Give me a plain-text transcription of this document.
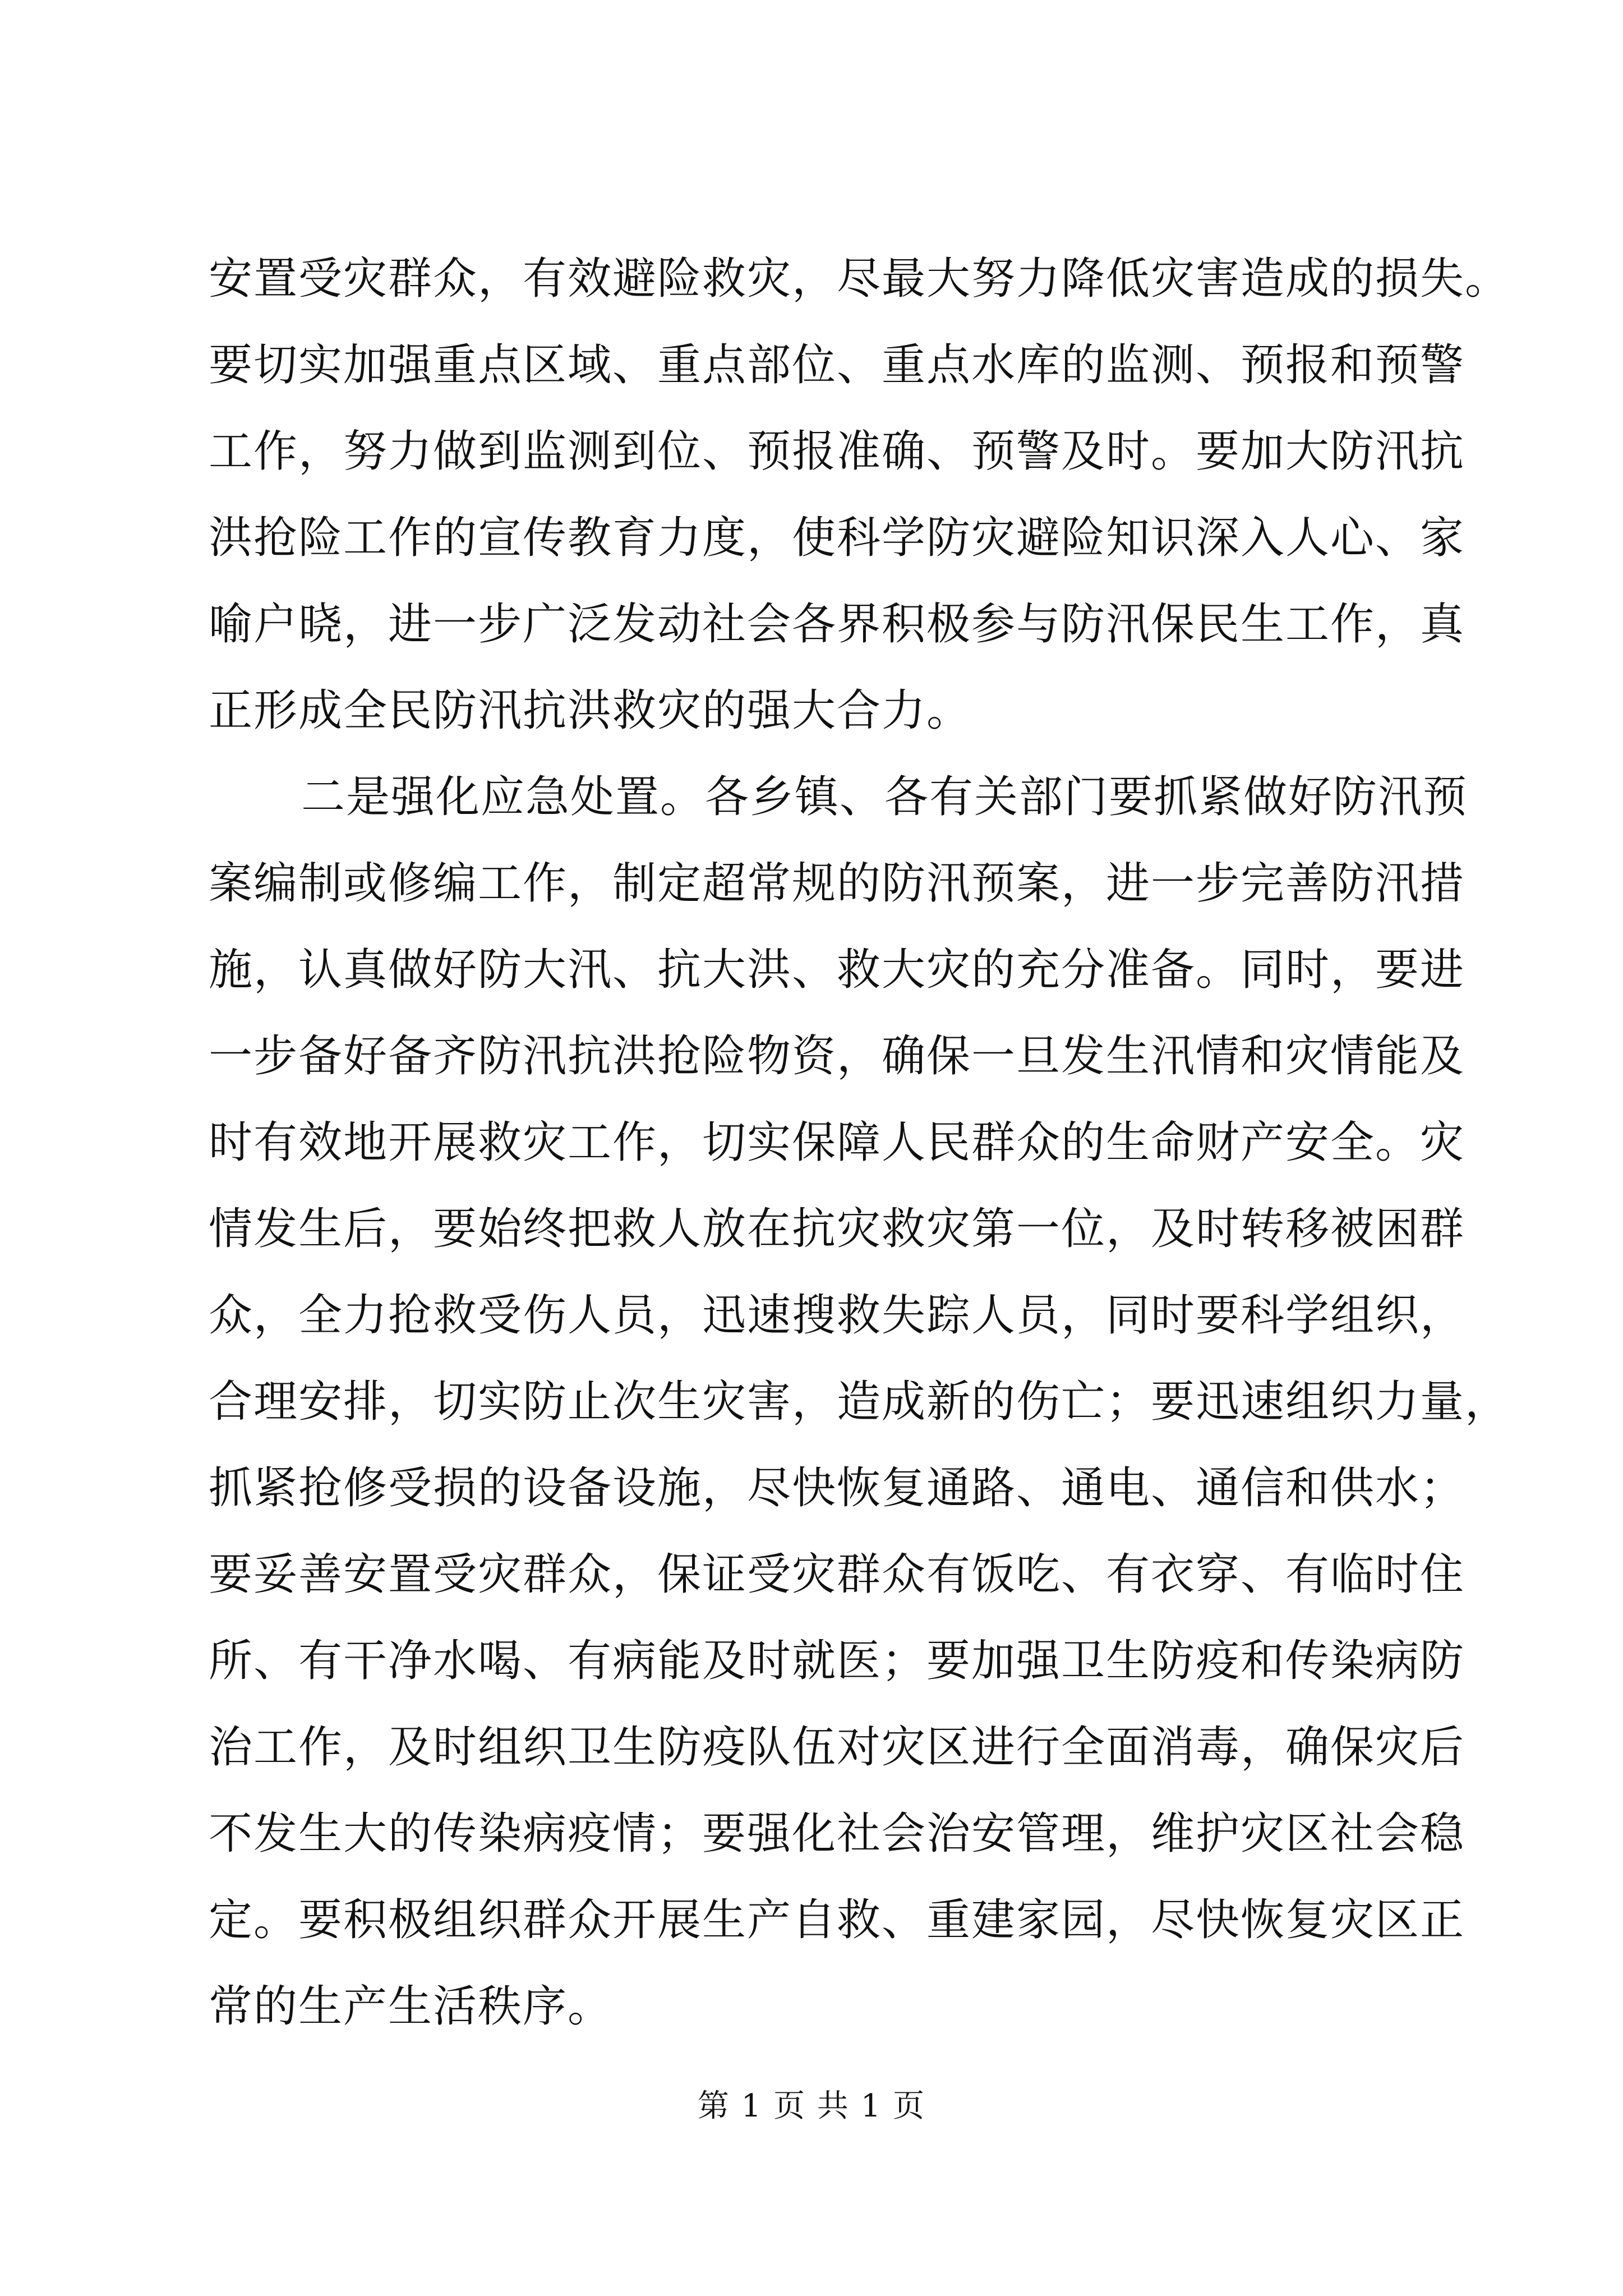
安置受灾群众，有效避险救灾，尽最大努力降低灾害造成的损失。
要切实加强重点区域、重点部位、重点水库的监测、预报和预警
工作，努力做到监测到位、预报准确、预警及时。要加大防汛抗
洪抢险工作的宣传教育力度，使科学防灾避险知识深入人心、家
喻户晓，进一步广泛发动社会各界积极参与防汛保民生工作，真
正形成全民防汛抗洪救灾的强大合力。
二是强化应急处置。各乡镇、各有关部门要抓紧做好防汛预
案编制或修编工作，制定超常规的防汛预案，进一步完善防汛措
施，认真做好防大汛、抗大洪、救大灾的充分准备。同时，要进
一步备好备齐防汛抗洪抢险物资，确保一旦发生汛情和灾情能及
时有效地开展救灾工作，切实保障人民群众的生命财产安全。灾
情发生后，要始终把救人放在抗灾救灾第一位，及时转移被困群
众，全力抢救受伤人员，迅速搜救失踪人员，同时要科学组织，
合理安排，切实防止次生灾害，造成新的伤亡；要迅速组织力量，
抓紧抢修受损的设备设施，尽快恢复通路、通电、通信和供水；
要妥善安置受灾群众，保证受灾群众有饭吃、有衣穿、有临时住
所、有干净水喝、有病能及时就医；要加强卫生防疫和传染病防
治工作，及时组织卫生防疫队伍对灾区进行全面消毒，确保灾后
不发生大的传染病疫情；要强化社会治安管理，维护灾区社会稳
定。要积极组织群众开展生产自救、重建家园，尽快恢复灾区正
常的生产生活秩序。
第 1 页 共 1 页
